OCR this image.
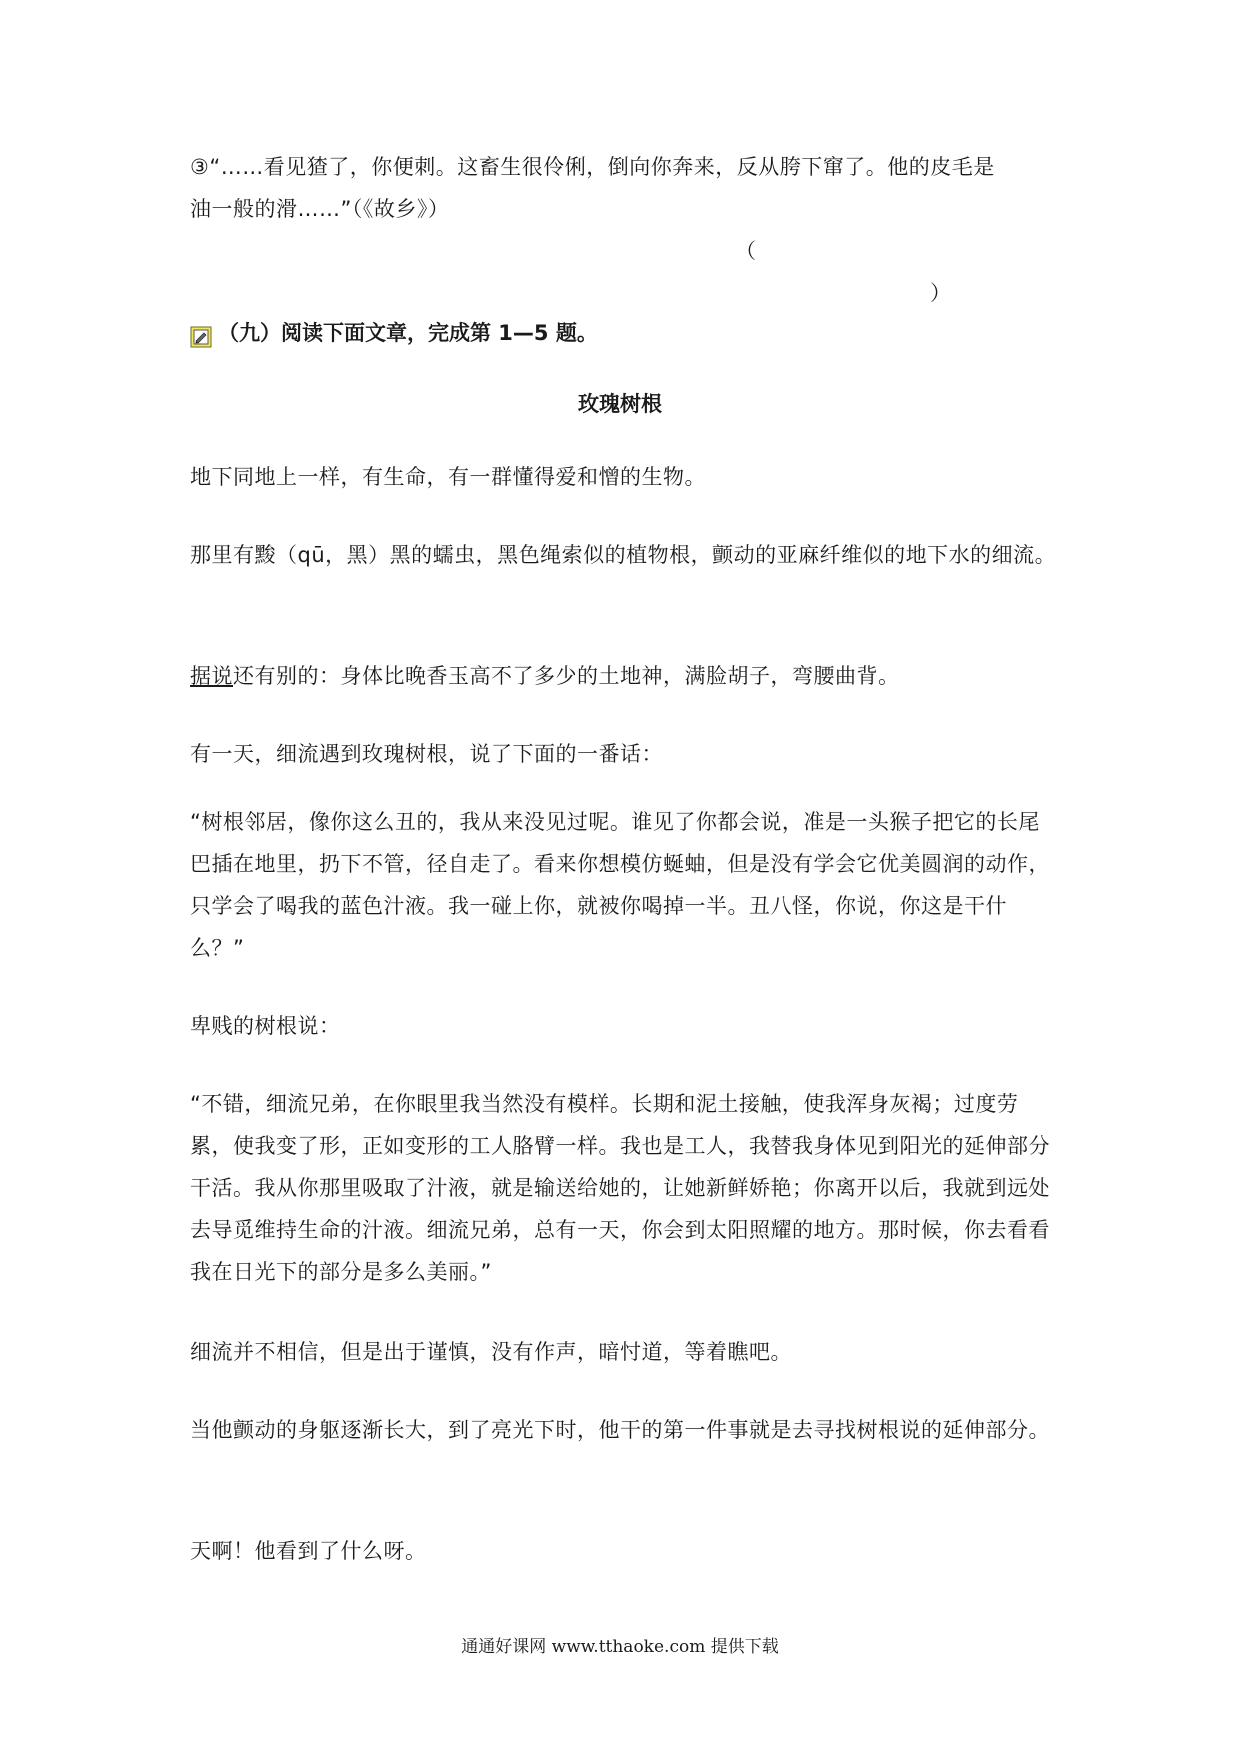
③“……看见猹了，你便刺。这畜生很伶俐，倒向你奔来，反从胯下窜了。他的皮毛是

油一般的滑……”（《故乡》）

（

）

（九）阅读下面文章，完成第 1—5 题。
玫瑰树根

地下同地上一样，有生命，有一群懂得爱和憎的生物。

那里有黢（qū，黑）黑的蠕虫，黑色绳索似的植物根，颤动的亚麻纤维似的地下水的细流。

据说还有别的：身体比晚香玉高不了多少的土地神，满脸胡子，弯腰曲背。

有一天，细流遇到玫瑰树根，说了下面的一番话：

“树根邻居，像你这么丑的，我从来没见过呢。谁见了你都会说，准是一头猴子把它的长尾巴插在地里，扔下不管，径自走了。看来你想模仿蜒蚰，但是没有学会它优美圆润的动作，只学会了喝我的蓝色汁液。我一碰上你，就被你喝掉一半。丑八怪，你说，你这是干什么？”

卑贱的树根说：

“不错，细流兄弟，在你眼里我当然没有模样。长期和泥土接触，使我浑身灰褐；过度劳累，使我变了形，正如变形的工人胳臂一样。我也是工人，我替我身体见到阳光的延伸部分干活。我从你那里吸取了汁液，就是输送给她的，让她新鲜娇艳；你离开以后，我就到远处去导觅维持生命的汁液。细流兄弟，总有一天，你会到太阳照耀的地方。那时候，你去看看我在日光下的部分是多么美丽。”

细流并不相信，但是出于谨慎，没有作声，暗忖道，等着瞧吧。

当他颤动的身躯逐渐长大，到了亮光下时，他干的第一件事就是去寻找树根说的延伸部分。

天啊！他看到了什么呀。

通通好课网 www.tthaoke.com 提供下载
